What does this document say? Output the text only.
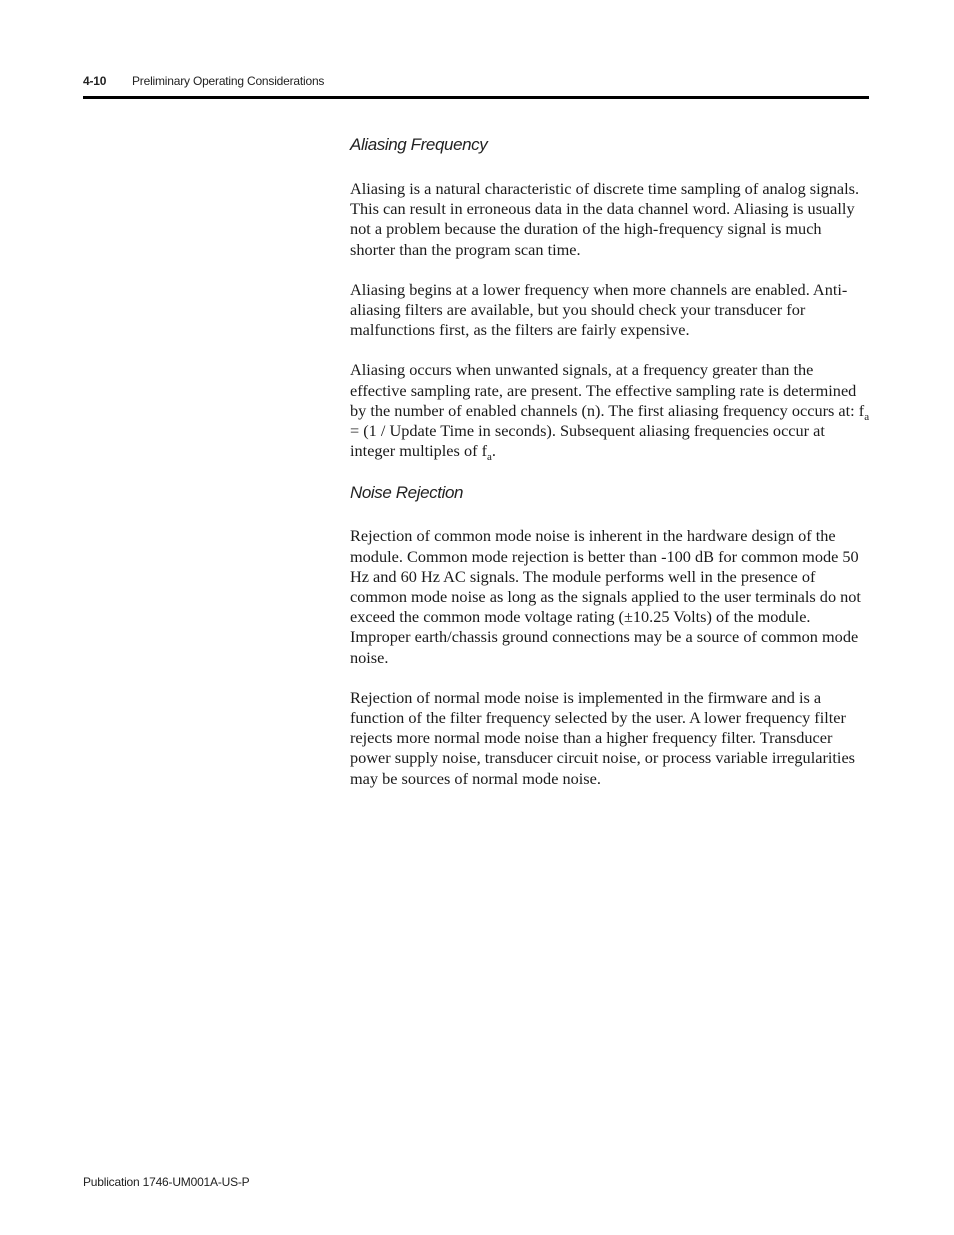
4-10 Preliminary Operating Considerations

Aliasing Frequency

Aliasing is a natural characteristic of discrete time sampling of analog signals. This can result in erroneous data in the data channel word. Aliasing is usually not a problem because the duration of the high-frequency signal is much shorter than the program scan time.

Aliasing begins at a lower frequency when more channels are enabled. Anti-aliasing filters are available, but you should check your transducer for malfunctions first, as the filters are fairly expensive.

Aliasing occurs when unwanted signals, at a frequency greater than the effective sampling rate, are present. The effective sampling rate is determined by the number of enabled channels (n). The first aliasing frequency occurs at: $f_a = (1$ / Update Time in seconds). Subsequent aliasing frequencies occur at integer multiples of $f_a$.

Noise Rejection

Rejection of common mode noise is inherent in the hardware design of the module. Common mode rejection is better than -100 dB for common mode 50 Hz and 60 Hz AC signals. The module performs well in the presence of common mode noise as long as the signals applied to the user terminals do not exceed the common mode voltage rating (±10.25 Volts) of the module. Improper earth/chassis ground connections may be a source of common mode noise.

Rejection of normal mode noise is implemented in the firmware and is a function of the filter frequency selected by the user. A lower frequency filter rejects more normal mode noise than a higher frequency filter. Transducer power supply noise, transducer circuit noise, or process variable irregularities may be sources of normal mode noise.

Publication 1746-UM001A-US-P
